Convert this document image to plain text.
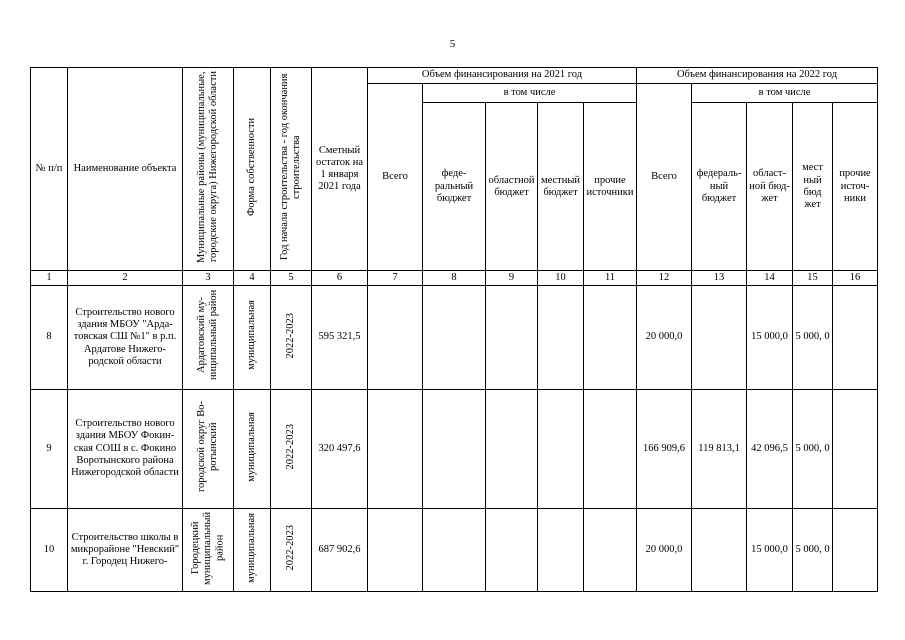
5
№ п/п	Наименование объекта	Муниципальные районы (муниципальные, городские округа) Нижегородской области	Форма собственности	Год начала строительства - год окончания строительства	Сметный остаток на 1 января 2021 года	Объем финансирования на 2021 год					Объем финансирования на 2022 год				
						Всего	в том числе				Всего	в том числе			
							федеральный бюджет	областной бюджет	местный бюджет	прочие источники		федеральный бюджет	областной бюджет	мест ный бюд жет	прочие источники
1	2	3	4	5	6	7	8	9	10	11	12	13	14	15	16
8	Строительство нового здания МБОУ "Ардатовская СШ №1" в р.п. Ардатове Нижегородской области	Ардатовский муниципальный район	муниципальная	2022-2023	595 321,5						20 000,0		15 000,0	5 000, 0	
9	Строительство нового здания МБОУ Фокинская СОШ в с. Фокино Воротынского района Нижегородской области	городской округ Воротынский	муниципальная	2022-2023	320 497,6						166 909,6	119 813,1	42 096,5	5 000, 0	
10	Строительство школы в микрорайоне "Невский" г. Городец Нижего-	Городецкий муниципальный район	муниципальная	2022-2023	687 902,6						20 000,0		15 000,0	5 000, 0	
